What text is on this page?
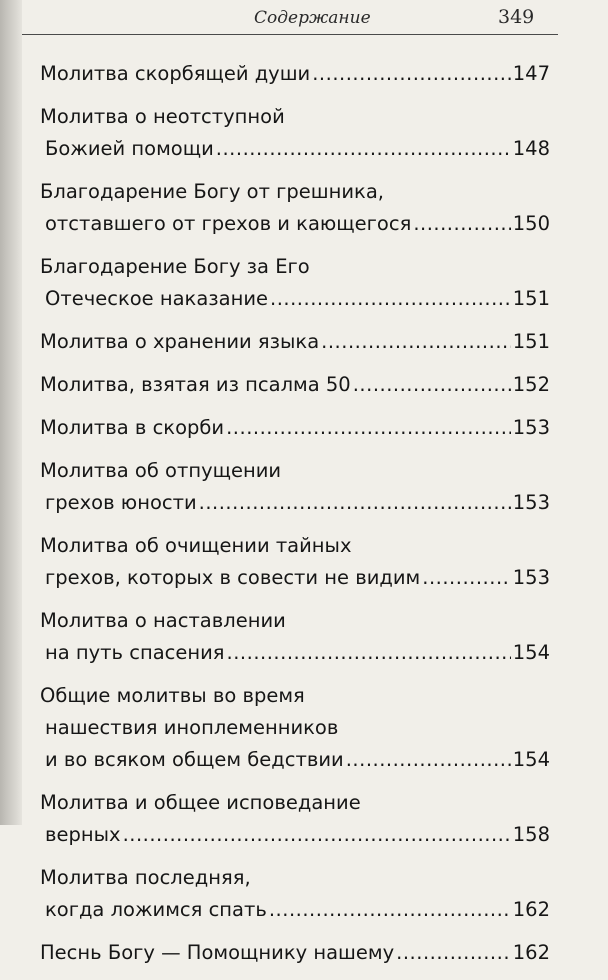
Содержание	349
Молитва скорбящей души .....	147
Молитва о неотступной
Божией помощи .....	148
Благодарение Богу от грешника,
отставшего от грехов и кающегося .....	150
Благодарение Богу за Его
Отеческое наказание .....	151
Молитва о хранении языка .....	151
Молитва, взятая из псалма 50 .....	152
Молитва в скорби .....	153
Молитва об отпущении
грехов юности .....	153
Молитва об очищении тайных
грехов, которых в совести не видим .....	153
Молитва о наставлении
на путь спасения .....	154
Общие молитвы во время
нашествия иноплеменников
и во всяком общем бедствии .....	154
Молитва и общее исповедание
верных .....	158
Молитва последняя,
когда ложимся спать .....	162
Песнь Богу — Помощнику нашему .....	162
